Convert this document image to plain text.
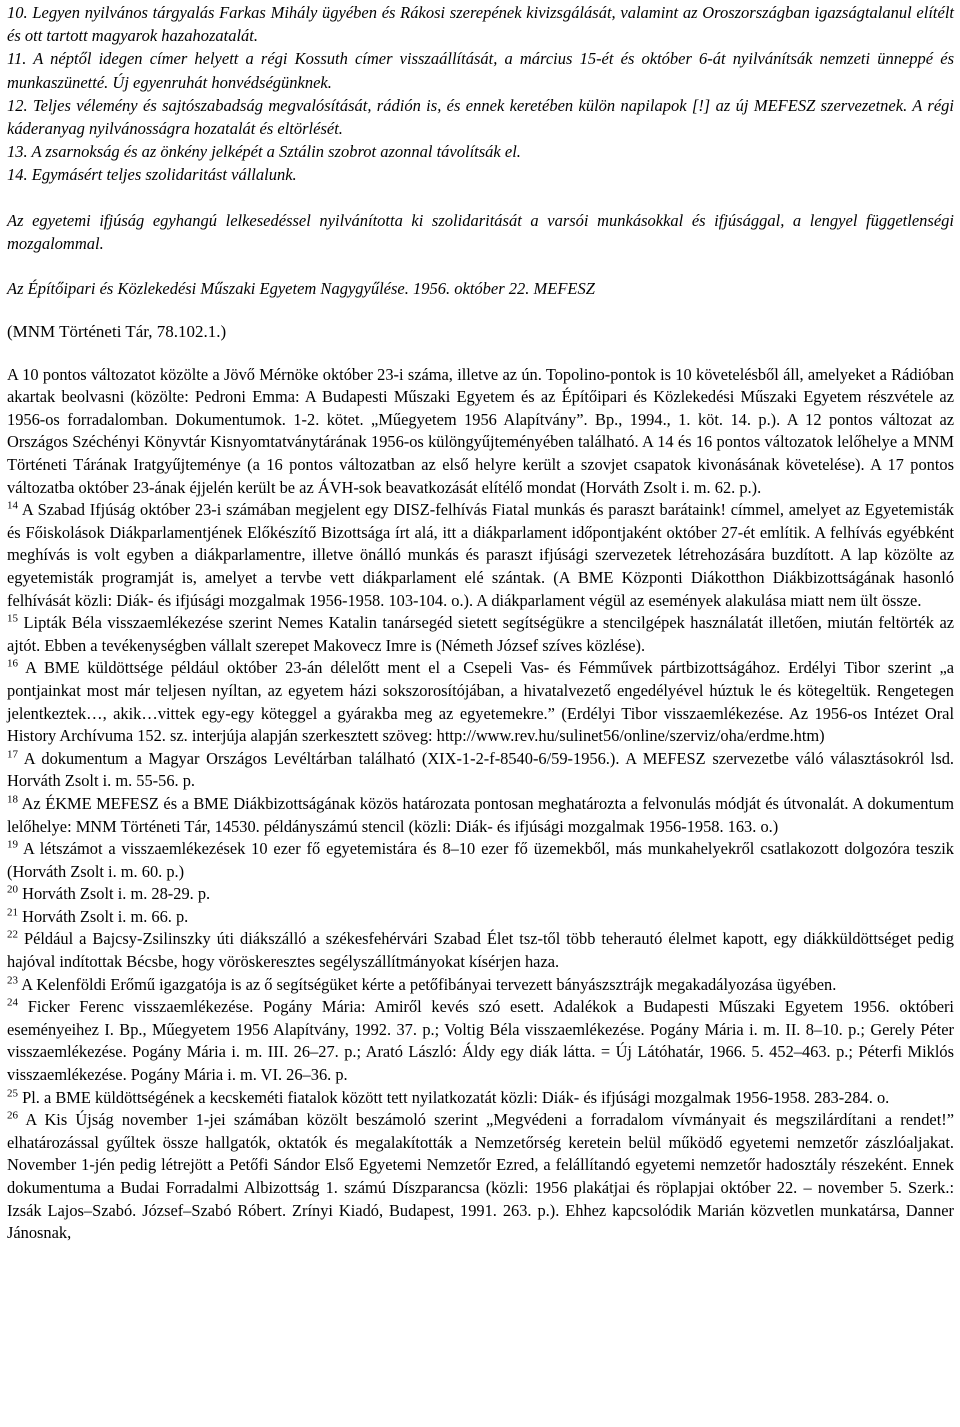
10. Legyen nyilvános tárgyalás Farkas Mihály ügyében és Rákosi szerepének kivizsgálását, valamint az Oroszországban igazságtalanul elítélt és ott tartott magyarok hazahozatalát.

11. A néptől idegen címer helyett a régi Kossuth címer visszaállítását, a március 15-ét és október 6-át nyilvánítsák nemzeti ünneppé és munkaszünetté. Új egyenruhát honvédségünknek.

12. Teljes vélemény és sajtószabadság megvalósítását, rádión is, és ennek keretében külön napilapok [!] az új MEFESZ szervezetnek. A régi káderanyag nyilvánosságra hozatalát és eltörlését.

13. A zsarnokság és az önkény jelképét a Sztálin szobrot azonnal távolítsák el.

14. Egymásért teljes szolidaritást vállalunk.

Az egyetemi ifjúság egyhangú lelkesedéssel nyilvánította ki szolidaritását a varsói munkásokkal és ifjúsággal, a lengyel függetlenségi mozgalommal.

Az Építőipari és Közlekedési Műszaki Egyetem Nagygyűlése. 1956. október 22. MEFESZ

(MNM Történeti Tár, 78.102.1.)

A 10 pontos változatot közölte a Jövő Mérnöke október 23-i száma, illetve az ún. Topolino-pontok is 10 követelésből áll, amelyeket a Rádióban akartak beolvasni (közölte: Pedroni Emma: A Budapesti Műszaki Egyetem és az Építőipari és Közlekedési Műszaki Egyetem részvétele az 1956-os forradalomban. Dokumentumok. 1-2. kötet. „Műegyetem 1956 Alapítvány”. Bp., 1994., 1. köt. 14. p.). A 12 pontos változat az Országos Széchényi Könyvtár Kisnyomtatványtárának 1956-os különgyűjteményében található. A 14 és 16 pontos változatok lelőhelye a MNM Történeti Tárának Iratgyűjteménye (a 16 pontos változatban az első helyre került a szovjet csapatok kivonásának követelése). A 17 pontos változatba október 23-ának éjjelén került be az ÁVH-sok beavatkozását elítélő mondat (Horváth Zsolt i. m. 62. p.).

$^{14}$ A Szabad Ifjúság október 23-i számában megjelent egy DISZ-felhívás Fiatal munkás és paraszt barátaink! címmel, amelyet az Egyetemisták és Főiskolások Diákparlamentjének Előkészítő Bizottsága írt alá, itt a diákparlament időpontjaként október 27-ét említik. A felhívás egyébként meghívás is volt egyben a diákparlamentre, illetve önálló munkás és paraszt ifjúsági szervezetek létrehozására buzdított. A lap közölte az egyetemisták programját is, amelyet a tervbe vett diákparlament elé szántak. (A BME Központi Diákotthon Diákbizottságának hasonló felhívását közli: Diák- és ifjúsági mozgalmak 1956-1958. 103-104. o.). A diákparlament végül az események alakulása miatt nem ült össze.

$^{15}$ Lipták Béla visszaemlékezése szerint Nemes Katalin tanársegéd sietett segítségükre a stencilgépek használatát illetően, miután feltörték az ajtót. Ebben a tevékenységben vállalt szerepet Makovecz Imre is (Németh József szíves közlése).

$^{16}$ A BME küldöttsége például október 23-án délelőtt ment el a Csepeli Vas- és Fémművek pártbizottságához. Erdélyi Tibor szerint „a pontjainkat most már teljesen nyíltan, az egyetem házi sokszorosítójában, a hivatalvezető engedélyével húztuk le és kötegeltük. Rengetegen jelentkeztek…, akik…vittek egy-egy köteggel a gyárakba meg az egyetemekre.” (Erdélyi Tibor visszaemlékezése. Az 1956-os Intézet Oral History Archívuma 152. sz. interjúja alapján szerkesztett szöveg: http://www.rev.hu/sulinet56/online/szerviz/oha/erdme.htm)

$^{17}$ A dokumentum a Magyar Országos Levéltárban található (XIX-1-2-f-8540-6/59-1956.). A MEFESZ szervezetbe váló választásokról lsd. Horváth Zsolt i. m. 55-56. p.

$^{18}$ Az ÉKME MEFESZ és a BME Diákbizottságának közös határozata pontosan meghatározta a felvonulás módját és útvonalát. A dokumentum lelőhelye: MNM Történeti Tár, 14530. példányszámú stencil (közli: Diák- és ifjúsági mozgalmak 1956-1958. 163. o.)

$^{19}$ A létszámot a visszaemlékezések 10 ezer fő egyetemistára és 8–10 ezer fő üzemekből, más munkahelyekről csatlakozott dolgozóra teszik (Horváth Zsolt i. m. 60. p.)

$^{20}$ Horváth Zsolt i. m. 28-29. p.

$^{21}$ Horváth Zsolt i. m. 66. p.

$^{22}$ Például a Bajcsy-Zsilinszky úti diákszálló a székesfehérvári Szabad Élet tsz-től több teherautó élelmet kapott, egy diákküldöttséget pedig hajóval indítottak Bécsbe, hogy vöröskeresztes segélyszállítmányokat kísérjen haza.

$^{23}$ A Kelenföldi Erőmű igazgatója is az ő segítségüket kérte a petőfibányai tervezett bányászsztrájk megakadályozása ügyében.

$^{24}$ Ficker Ferenc visszaemlékezése. Pogány Mária: Amiről kevés szó esett. Adalékok a Budapesti Műszaki Egyetem 1956. októberi eseményeihez I. Bp., Műegyetem 1956 Alapítvány, 1992. 37. p.; Voltig Béla visszaemlékezése. Pogány Mária i. m. II. 8–10. p.; Gerely Péter visszaemlékezése. Pogány Mária i. m. III. 26–27. p.; Arató László: Áldy egy diák látta. = Új Látóhatár, 1966. 5. 452–463. p.; Péterfi Miklós visszaemlékezése. Pogány Mária i. m. VI. 26–36. p.

$^{25}$ Pl. a BME küldöttségének a kecskeméti fiatalok között tett nyilatkozatát közli: Diák- és ifjúsági mozgalmak 1956-1958. 283-284. o.

$^{26}$ A Kis Újság november 1-jei számában közölt beszámoló szerint „Megvédeni a forradalom vívmányait és megszilárdítani a rendet!” elhatározással gyűltek össze hallgatók, oktatók és megalakították a Nemzetőrség keretein belül működő egyetemi nemzetőr zászlóaljakat. November 1-jén pedig létrejött a Petőfi Sándor Első Egyetemi Nemzetőr Ezred, a felállítandó egyetemi nemzetőr hadosztály részeként. Ennek dokumentuma a Budai Forradalmi Albizottság 1. számú Díszparancsa (közli: 1956 plakátjai és röplapjai október 22. – november 5. Szerk.: Izsák Lajos–Szabó. József–Szabó Róbert. Zrínyi Kiadó, Budapest, 1991. 263. p.). Ehhez kapcsolódik Marián közvetlen munkatársa, Danner Jánosnak,
